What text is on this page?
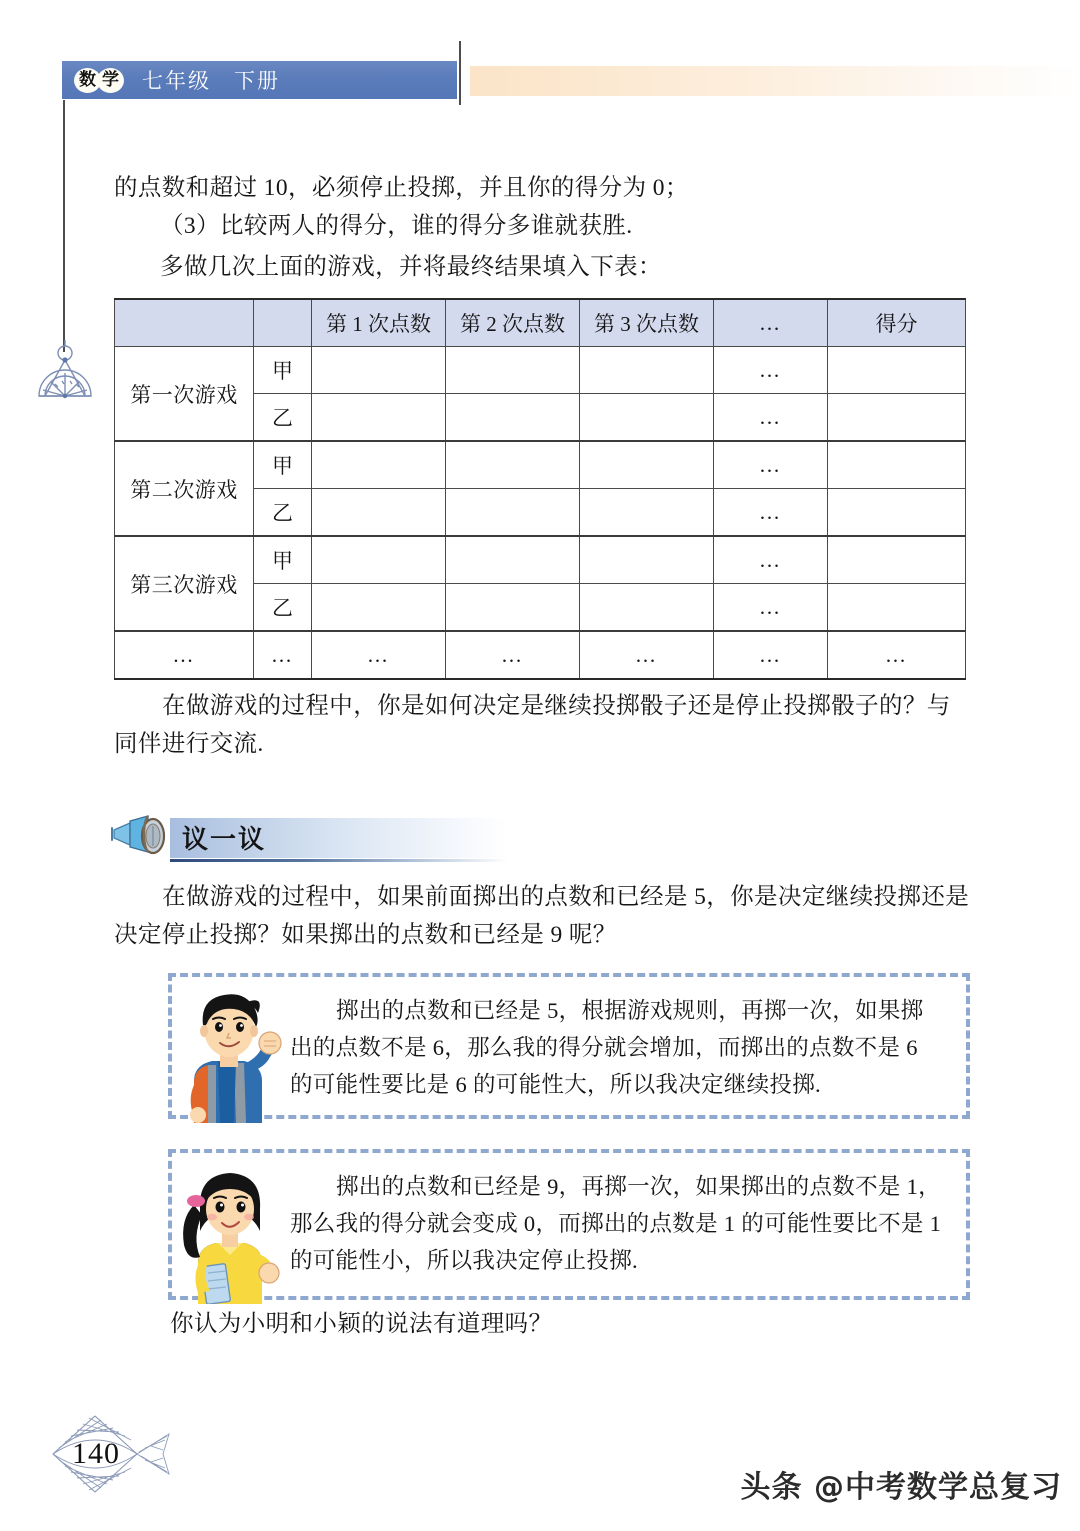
数 学 七年级　下册
的点数和超过 10，必须停止投掷，并且你的得分为 0；
（3）比较两人的得分，谁的得分多谁就获胜.
多做几次上面的游戏，并将最终结果填入下表：
		第 1 次点数	第 2 次点数	第 3 次点数	…	得分
第一次游戏	甲				…	
	乙				…	
第二次游戏	甲				…	
	乙				…	
第三次游戏	甲				…	
	乙				…	
…	…	…	…	…	…	…
在做游戏的过程中，你是如何决定是继续投掷骰子还是停止投掷骰子的？与同伴进行交流.
议一议
在做游戏的过程中，如果前面掷出的点数和已经是 5，你是决定继续投掷还是决定停止投掷？如果掷出的点数和已经是 9 呢？
掷出的点数和已经是 5，根据游戏规则，再掷一次，如果掷出的点数不是 6，那么我的得分就会增加，而掷出的点数不是 6 的可能性要比是 6 的可能性大，所以我决定继续投掷.
掷出的点数和已经是 9，再掷一次，如果掷出的点数不是 1，那么我的得分就会变成 0，而掷出的点数是 1 的可能性要比不是 1 的可能性小，所以我决定停止投掷.
你认为小明和小颖的说法有道理吗？
140
头条 @中考数学总复习
